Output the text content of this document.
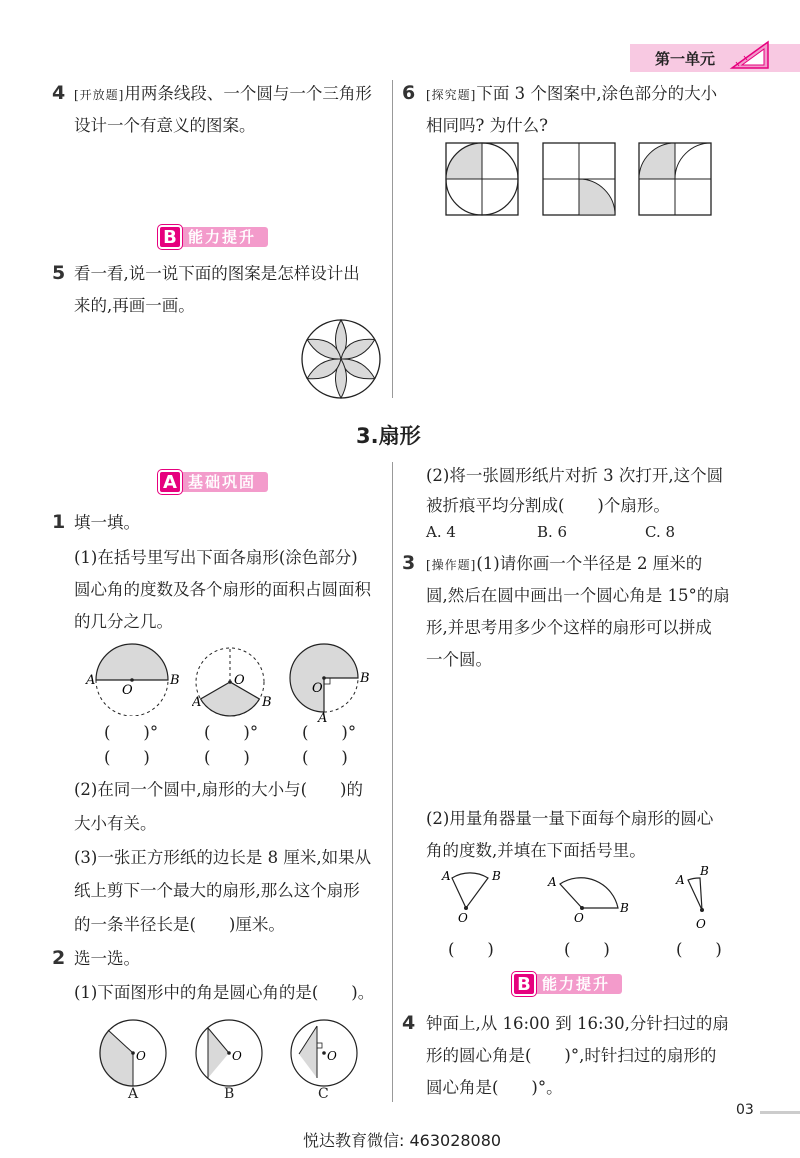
第一单元
4 [开放题]用两条线段、一个圆与一个三角形
设计一个有意义的图案。
B 能力提升
5 看一看,说一说下面的图案是怎样设计出
来的,再画一画。
6 [探究题]下面 3 个图案中,涂色部分的大小
相同吗? 为什么?
3.扇形
A 基础巩固
1 填一填。
(1)在括号里写出下面各扇形(涂色部分)
圆心角的度数及各个扇形的面积占圆面积
的几分之几。
A	B
O
A	B
O	B
A
O
(　　)°	(　　)°	(　　)°
(　　)	(　　)	(　　)
(2)在同一个圆中,扇形的大小与(　　)的
大小有关。
(3)一张正方形纸的边长是 8 厘米,如果从
纸上剪下一个最大的扇形,那么这个扇形
的一条半径长是(　　)厘米。
2 选一选。
(1)下面图形中的角是圆心角的是(　　)。
O	O	O
A	B	C
(2)将一张圆形纸片对折 3 次打开,这个圆
被折痕平均分割成(　　)个扇形。
A. 4	B. 6	C. 8
3 [操作题](1)请你画一个半径是 2 厘米的
圆,然后在圆中画出一个圆心角是 15°的扇
形,并思考用多少个这样的扇形可以拼成
一个圆。
(2)用量角器量一量下面每个扇形的圆心
角的度数,并填在下面括号里。
A	B
O
A
B
O
A
B
O
(　　)	(　　)	(　　)
B 能力提升
4 钟面上,从 16:00 到 16:30,分针扫过的扇
形的圆心角是(　　)°,时针扫过的扇形的
圆心角是(　　)°。
03
悦达教育微信: 463028080
